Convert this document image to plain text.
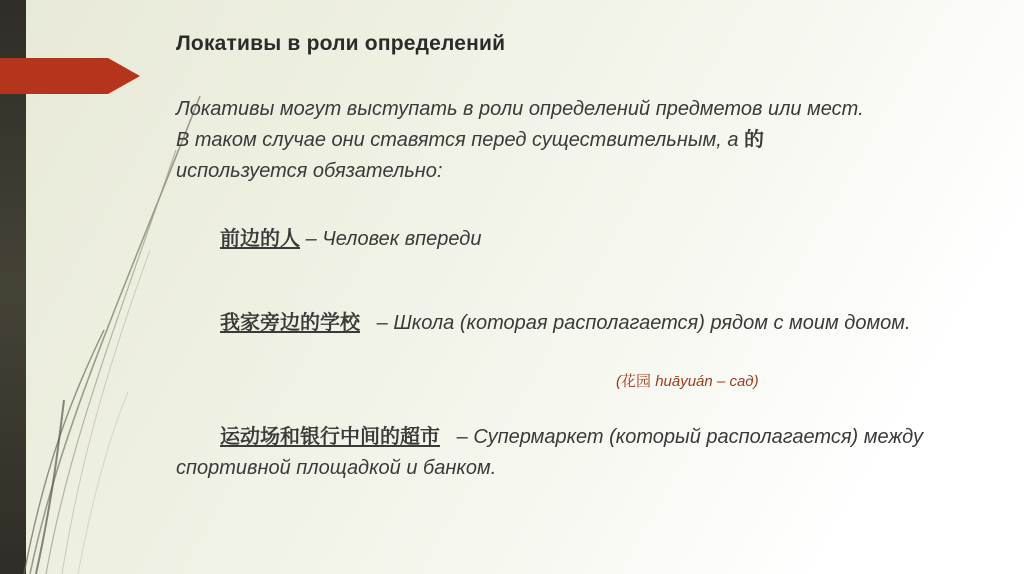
Локативы в роли определений
Локативы могут выступать в роли определений предметов или мест. В таком случае они ставятся перед существительным, а 的 используется обязательно:
前边的人 – Человек впереди
我家旁边的学校 – Школа (которая располагается) рядом с моим домом.
(花园 huāyuán – сад)
运动场和银行中间的超市 – Супермаркет (который располагается) между спортивной площадкой и банком.
